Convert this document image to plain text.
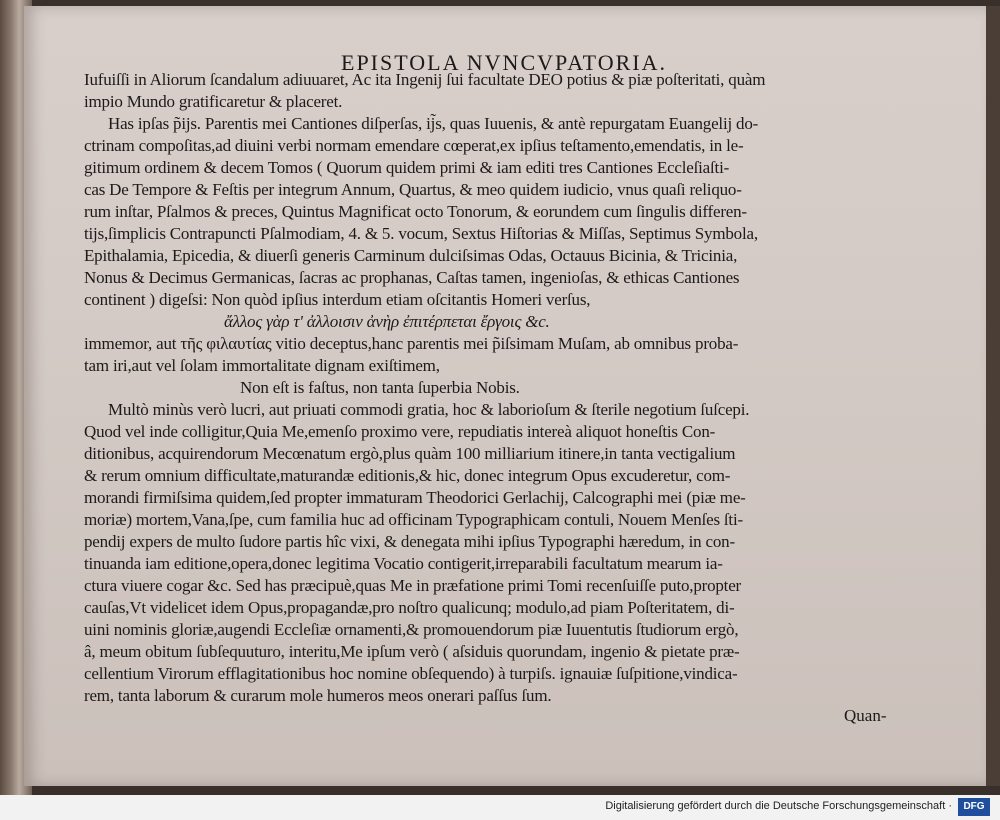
EPISTOLA NVNCVPATORIA.
Iufuiſſi in Aliorum ſcandalum adiuuaret, Ac ita Ingenij ſui facultate DEO potius & piæ poſteritati, quàm
impio Mundo gratificaretur & placeret.
Has ipſas p̃ijs. Parentis mei Cantiones diſperſas, ij̃s, quas Iuuenis, & antè repurgatam Euangelij do-
ctrinam compoſitas,ad diuini verbi normam emendare cœperat,ex ipſius teſtamento,emendatis, in le-
gitimum ordinem & decem Tomos ( Quorum quidem primi & iam editi tres Cantiones Eccleſiaſti-
cas De Tempore & Feſtis per integrum Annum, Quartus, & meo quidem iudicio, vnus quaſi reliquo-
rum inſtar, Pſalmos & preces, Quintus Magnificat octo Tonorum, & eorundem cum ſingulis differen-
tijs,ſimplicis Contrapuncti Pſalmodiam, 4. & 5. vocum, Sextus Hiſtorias & Miſſas, Septimus Symbola,
Epithalamia, Epicedia, & diuerſi generis Carminum dulciſsimas Odas, Octauus Bicinia, & Tricinia,
Nonus & Decimus Germanicas, ſacras ac prophanas, Caſtas tamen, ingenioſas, & ethicas Cantiones
continent ) digeſsi: Non quòd ipſius interdum etiam oſcitantis Homeri verſus,
ἄλλος γὰρ τ' ἀλλοισιν ἀνὴρ ἐπιτέρπεται ἔργοις &c.
immemor, aut τῆς φιλαυτίας vitio deceptus,hanc parentis mei p̃iſsimam Muſam, ab omnibus proba-
tam iri,aut vel ſolam immortalitate dignam exiſtimem,
Non eſt is faſtus, non tanta ſuperbia Nobis.
Multò minùs verò lucri, aut priuati commodi gratia, hoc & laborioſum & ſterile negotium ſuſcepi.
Quod vel inde colligitur,Quia Me,emenſo proximo vere, repudiatis intereà aliquot honeſtis Con-
ditionibus, acquirendorum Mecœnatum ergò,plus quàm 100 milliarium itinere,in tanta vectigalium
& rerum omnium difficultate,maturandæ editionis,& hic, donec integrum Opus excuderetur, com-
morandi firmiſsima quidem,ſed propter immaturam Theodorici Gerlachij, Calcographi mei (piæ me-
moriæ) mortem,Vana,ſpe, cum familia huc ad officinam Typographicam contuli, Nouem Menſes ſti-
pendij expers de multo ſudore partis hîc vixi, & denegata mihi ipſius Typographi hæredum, in con-
tinuanda iam editione,opera,donec legitima Vocatio contigerit,irreparabili facultatum mearum ia-
ctura viuere cogar &c. Sed has præcipuè,quas Me in præfatione primi Tomi recenſuiſſe puto,propter
cauſas,Vt videlicet idem Opus,propagandæ,pro noſtro qualicunq; modulo,ad piam Poſteritatem, di-
uini nominis gloriæ,augendi Eccleſiæ ornamenti,& promouendorum piæ Iuuentutis ſtudiorum ergò,
â, meum obitum ſubſequuturo, interitu,Me ipſum verò ( aſsiduis quorundam, ingenio & pietate præ-
cellentium Virorum efflagitationibus hoc nomine obſequendo) à turpiſs. ignauiæ ſuſpitione,vindica-
rem, tanta laborum & curarum mole humeros meos onerari paſſus ſum.
Quan-
Digitalisierung gefördert durch die Deutsche Forschungsgemeinschaft ·	DFG
